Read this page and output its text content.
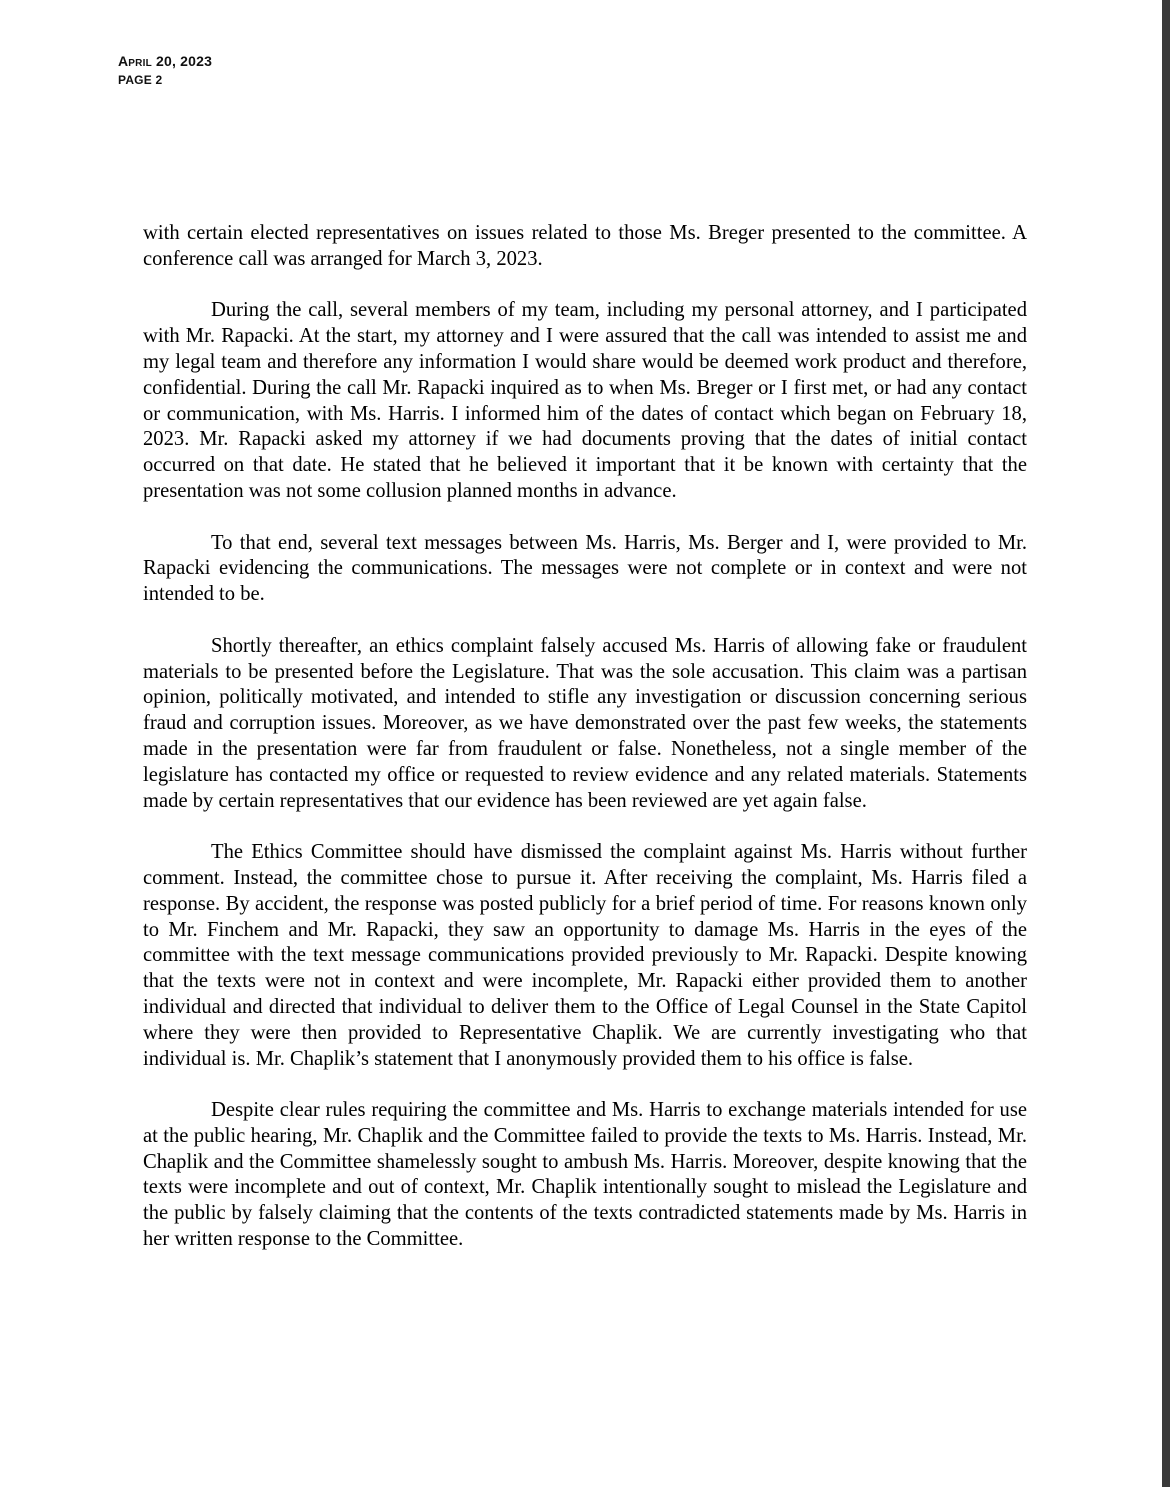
April 20, 2023
PAGE 2

with certain elected representatives on issues related to those Ms. Breger presented to the committee. A conference call was arranged for March 3, 2023.

During the call, several members of my team, including my personal attorney, and I participated with Mr. Rapacki. At the start, my attorney and I were assured that the call was intended to assist me and my legal team and therefore any information I would share would be deemed work product and therefore, confidential. During the call Mr. Rapacki inquired as to when Ms. Breger or I first met, or had any contact or communication, with Ms. Harris. I informed him of the dates of contact which began on February 18, 2023. Mr. Rapacki asked my attorney if we had documents proving that the dates of initial contact occurred on that date. He stated that he believed it important that it be known with certainty that the presentation was not some collusion planned months in advance.

To that end, several text messages between Ms. Harris, Ms. Berger and I, were provided to Mr. Rapacki evidencing the communications. The messages were not complete or in context and were not intended to be.

Shortly thereafter, an ethics complaint falsely accused Ms. Harris of allowing fake or fraudulent materials to be presented before the Legislature. That was the sole accusation. This claim was a partisan opinion, politically motivated, and intended to stifle any investigation or discussion concerning serious fraud and corruption issues. Moreover, as we have demonstrated over the past few weeks, the statements made in the presentation were far from fraudulent or false. Nonetheless, not a single member of the legislature has contacted my office or requested to review evidence and any related materials. Statements made by certain representatives that our evidence has been reviewed are yet again false.

The Ethics Committee should have dismissed the complaint against Ms. Harris without further comment. Instead, the committee chose to pursue it. After receiving the complaint, Ms. Harris filed a response. By accident, the response was posted publicly for a brief period of time. For reasons known only to Mr. Finchem and Mr. Rapacki, they saw an opportunity to damage Ms. Harris in the eyes of the committee with the text message communications provided previously to Mr. Rapacki. Despite knowing that the texts were not in context and were incomplete, Mr. Rapacki either provided them to another individual and directed that individual to deliver them to the Office of Legal Counsel in the State Capitol where they were then provided to Representative Chaplik. We are currently investigating who that individual is. Mr. Chaplik’s statement that I anonymously provided them to his office is false.

Despite clear rules requiring the committee and Ms. Harris to exchange materials intended for use at the public hearing, Mr. Chaplik and the Committee failed to provide the texts to Ms. Harris. Instead, Mr. Chaplik and the Committee shamelessly sought to ambush Ms. Harris. Moreover, despite knowing that the texts were incomplete and out of context, Mr. Chaplik intentionally sought to mislead the Legislature and the public by falsely claiming that the contents of the texts contradicted statements made by Ms. Harris in her written response to the Committee.
